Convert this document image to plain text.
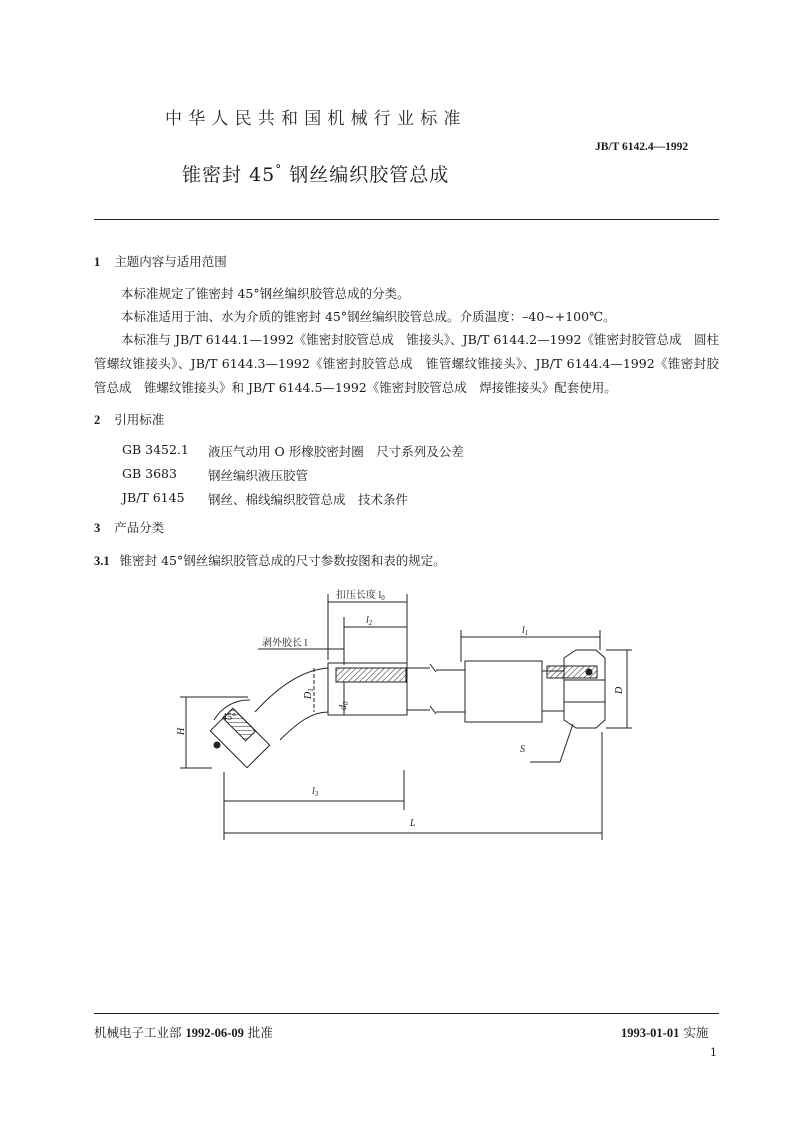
中华人民共和国机械行业标准
JB/T 6142.4—1992
锥密封 45° 钢丝编织胶管总成
1 主题内容与适用范围
本标准规定了锥密封 45°钢丝编织胶管总成的分类。
本标准适用于油、水为介质的锥密封 45°钢丝编织胶管总成。介质温度：–40~+100℃。
本标准与 JB/T 6144.1—1992《锥密封胶管总成　锥接头》、JB/T 6144.2—1992《锥密封胶管总成　圆柱管螺纹锥接头》、JB/T 6144.3—1992《锥密封胶管总成　锥管螺纹锥接头》、JB/T 6144.4—1992《锥密封胶管总成　锥螺纹锥接头》和 JB/T 6144.5—1992《锥密封胶管总成　焊接锥接头》配套使用。
2 引用标准
GB 3452.1 液压气动用 O 形橡胶密封圈　尺寸系列及公差
GB 3683 钢丝编织液压胶管
JB/T 6145 钢丝、棉线编织胶管总成　技术条件
3 产品分类
3.1 锥密封 45°钢丝编织胶管总成的尺寸参数按图和表的规定。
扣压长度 $l_0$
$l_2$
$l_1$
剥外胶长 l
$D_1$
$d_0$
D
H
45°
S
$l_3$
L
机械电子工业部 1992-06-09 批准	1993-01-01 实施
1
